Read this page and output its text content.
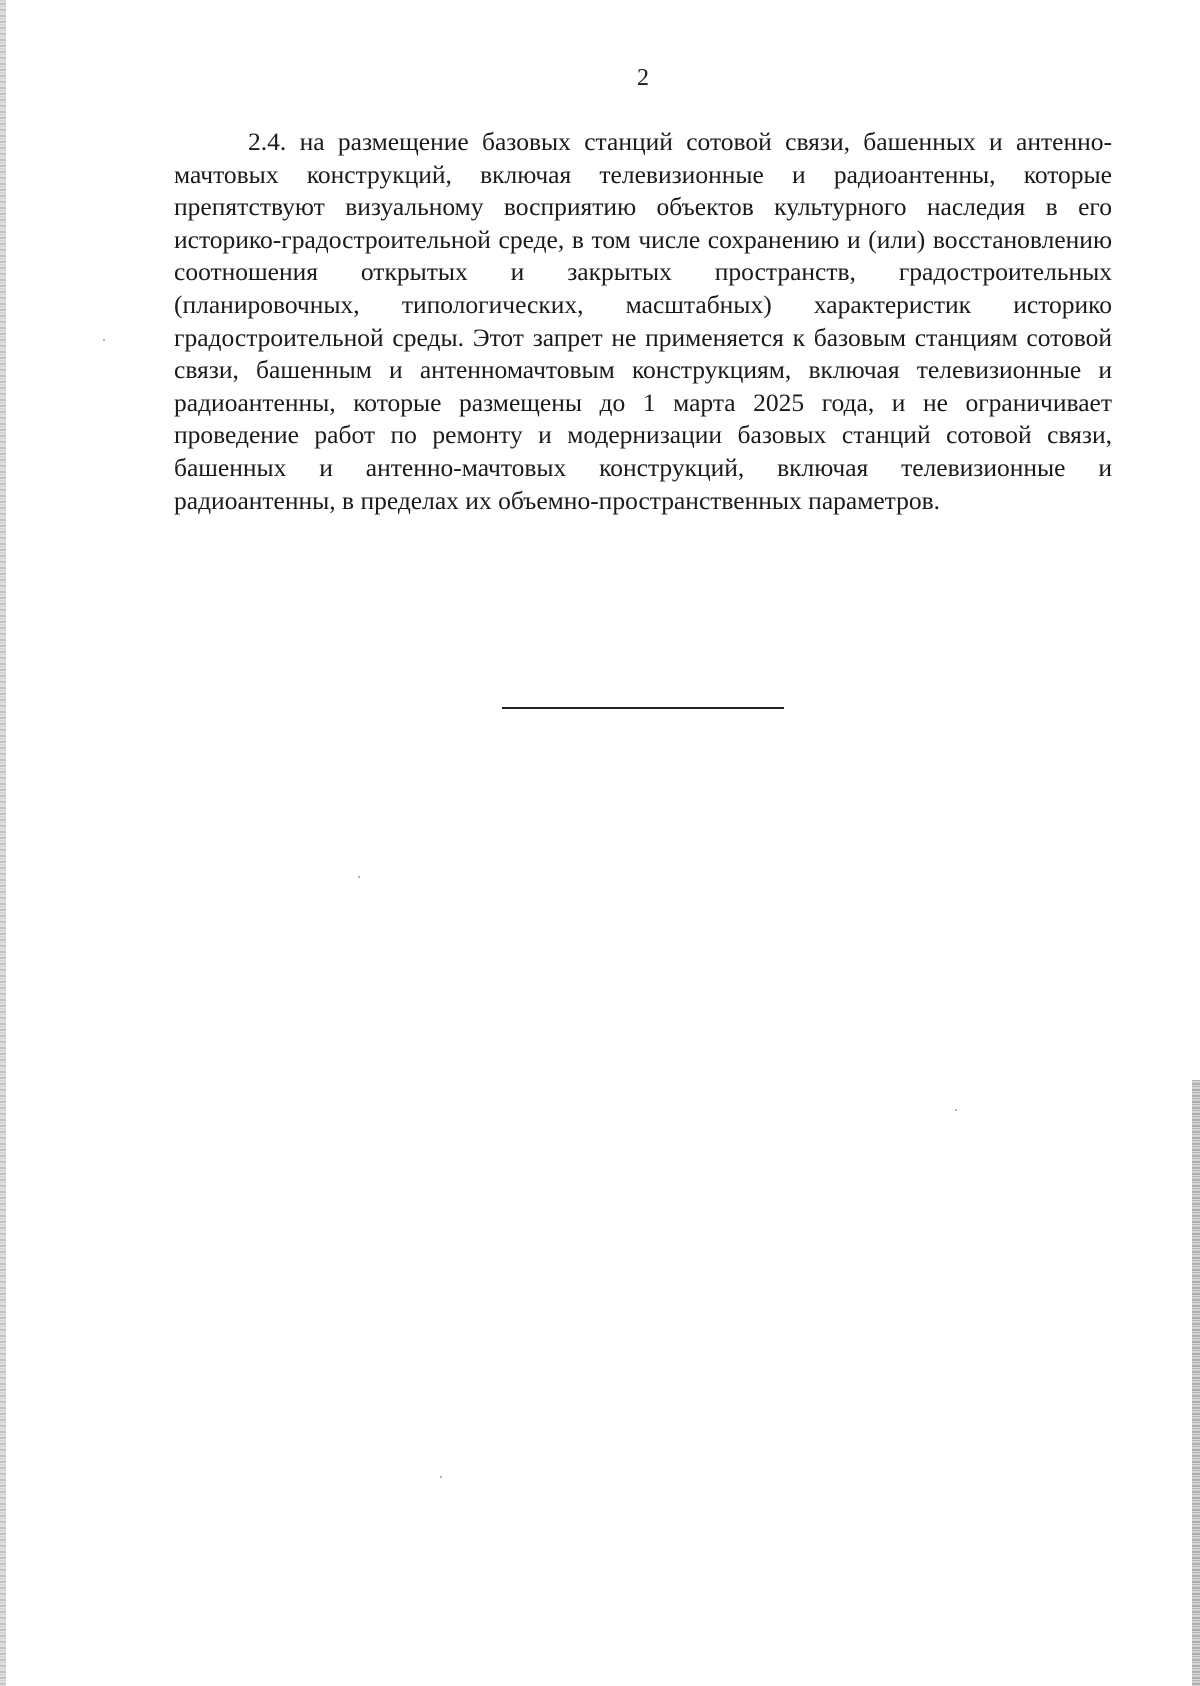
2

2.4. на размещение базовых станций сотовой связи, башенных и антенно-мачтовых конструкций, включая телевизионные и радиоантенны, которые препятствуют визуальному восприятию объектов культурного наследия в его историко-градостроительной среде, в том числе сохранению и (или) восстановлению соотношения открытых и закрытых пространств, градостроительных (планировочных, типологических, масштабных) характеристик историко градостроительной среды. Этот запрет не применяется к базовым станциям сотовой связи, башенным и антенномачтовым конструкциям, включая телевизионные и радиоантенны, которые размещены до 1 марта 2025 года, и не ограничивает проведение работ по ремонту и модернизации базовых станций сотовой связи, башенных и антенно-мачтовых конструкций, включая телевизионные и радиоантенны, в пределах их объемно-пространственных параметров.
